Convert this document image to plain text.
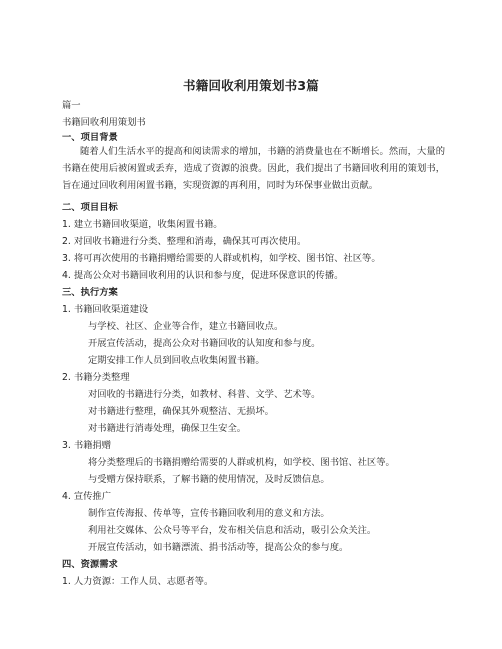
书籍回收利用策划书3篇
篇一
书籍回收利用策划书
一、项目背景
随着人们生活水平的提高和阅读需求的增加，书籍的消费量也在不断增长。然而，大量的书籍在使用后被闲置或丢弃，造成了资源的浪费。因此，我们提出了书籍回收利用的策划书，旨在通过回收利用闲置书籍，实现资源的再利用，同时为环保事业做出贡献。
二、项目目标
1. 建立书籍回收渠道，收集闲置书籍。
2. 对回收书籍进行分类、整理和消毒，确保其可再次使用。
3. 将可再次使用的书籍捐赠给需要的人群或机构，如学校、图书馆、社区等。
4. 提高公众对书籍回收利用的认识和参与度，促进环保意识的传播。
三、执行方案
1. 书籍回收渠道建设
与学校、社区、企业等合作，建立书籍回收点。
开展宣传活动，提高公众对书籍回收的认知度和参与度。
定期安排工作人员到回收点收集闲置书籍。
2. 书籍分类整理
对回收的书籍进行分类，如教材、科普、文学、艺术等。
对书籍进行整理，确保其外观整洁、无损坏。
对书籍进行消毒处理，确保卫生安全。
3. 书籍捐赠
将分类整理后的书籍捐赠给需要的人群或机构，如学校、图书馆、社区等。
与受赠方保持联系，了解书籍的使用情况，及时反馈信息。
4. 宣传推广
制作宣传海报、传单等，宣传书籍回收利用的意义和方法。
利用社交媒体、公众号等平台，发布相关信息和活动，吸引公众关注。
开展宣传活动，如书籍漂流、捐书活动等，提高公众的参与度。
四、资源需求
1. 人力资源：工作人员、志愿者等。
